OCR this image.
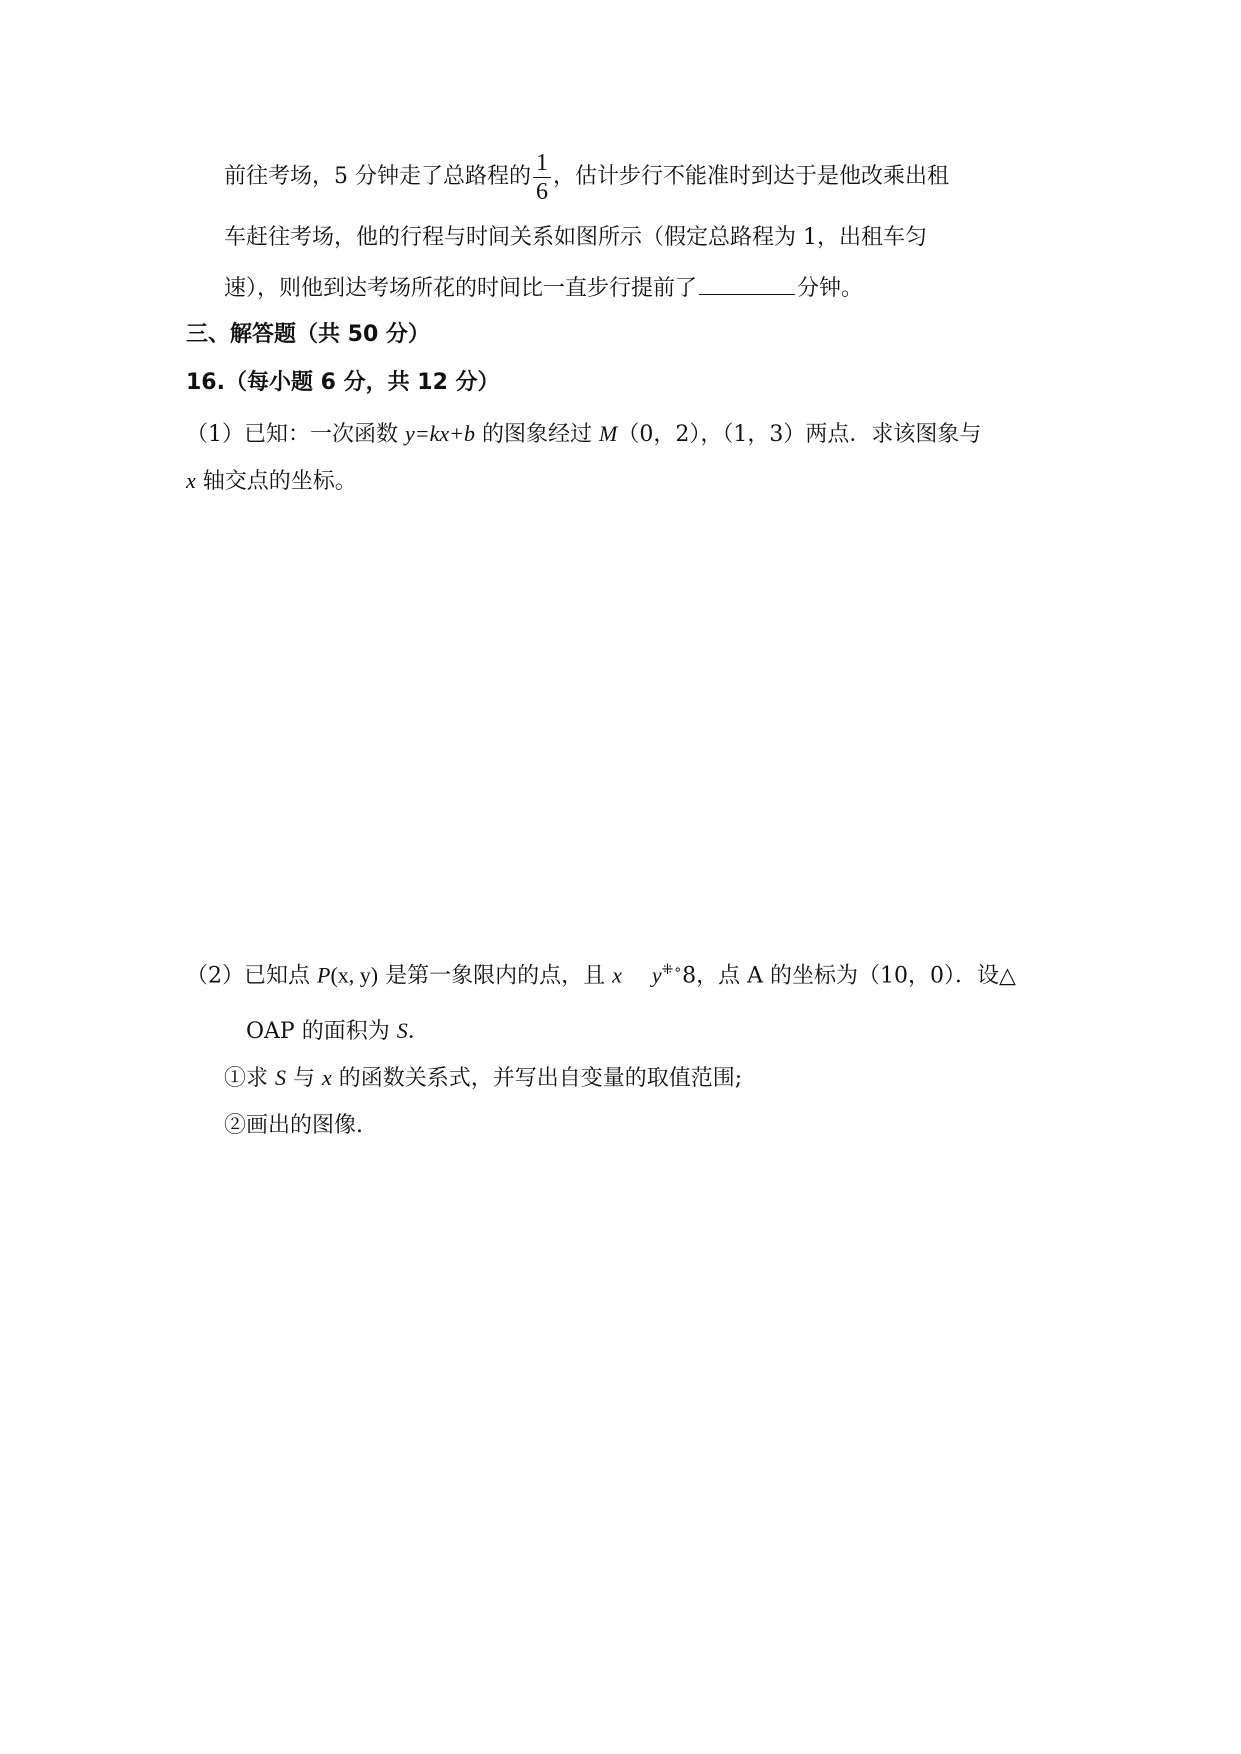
前往考场，5 分钟走了总路程的 $\frac{1}{6}$ ，估计步行不能准时到达于是他改乘出租
车赶往考场，他的行程与时间关系如图所示（假定总路程为 1，出租车匀
速），则他到达考场所花的时间比一直步行提前了	分钟。
三、解答题（共 50 分）
16.（每小题 6 分，共 12 分）
（1）已知：一次函数 y=kx+b 的图象经过 M（0，2），（1，3）两点．求该图象与
x 轴交点的坐标。
（2）已知点 P(x, y) 是第一象限内的点，且 x y⁜∘8，点 A 的坐标为（10，0）．设△
OAP 的面积为 S．
①求 S 与 x 的函数关系式，并写出自变量的取值范围;
②画出的图像.
